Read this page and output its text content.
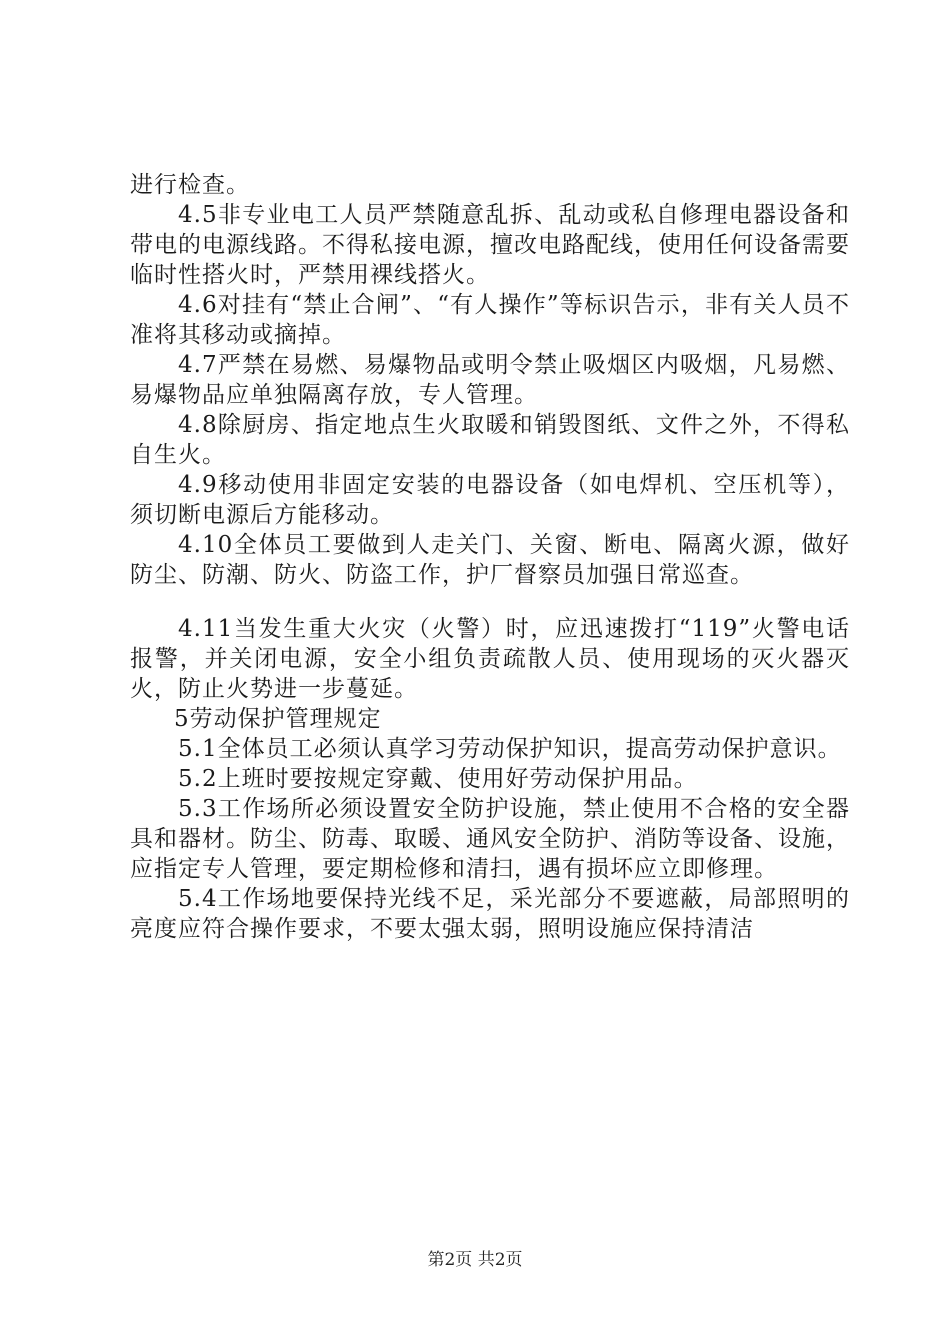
进行检查。

4.5非专业电工人员严禁随意乱拆、乱动或私自修理电器设备和带电的电源线路。不得私接电源，擅改电路配线，使用任何设备需要临时性搭火时，严禁用裸线搭火。

4.6对挂有“禁止合闸”、“有人操作”等标识告示，非有关人员不准将其移动或摘掉。

4.7严禁在易燃、易爆物品或明令禁止吸烟区内吸烟，凡易燃、易爆物品应单独隔离存放，专人管理。

4.8除厨房、指定地点生火取暖和销毁图纸、文件之外，不得私自生火。

4.9移动使用非固定安装的电器设备（如电焊机、空压机等），须切断电源后方能移动。

4.10全体员工要做到人走关门、关窗、断电、隔离火源，做好防尘、防潮、防火、防盗工作，护厂督察员加强日常巡查。

4.11当发生重大火灾（火警）时，应迅速拨打“119”火警电话报警，并关闭电源，安全小组负责疏散人员、使用现场的灭火器灭火，防止火势进一步蔓延。

5劳动保护管理规定

5.1全体员工必须认真学习劳动保护知识，提高劳动保护意识。

5.2上班时要按规定穿戴、使用好劳动保护用品。

5.3工作场所必须设置安全防护设施，禁止使用不合格的安全器具和器材。防尘、防毒、取暖、通风安全防护、消防等设备、设施，应指定专人管理，要定期检修和清扫，遇有损坏应立即修理。

5.4工作场地要保持光线不足，采光部分不要遮蔽，局部照明的亮度应符合操作要求，不要太强太弱，照明设施应保持清洁

第2页 共2页
